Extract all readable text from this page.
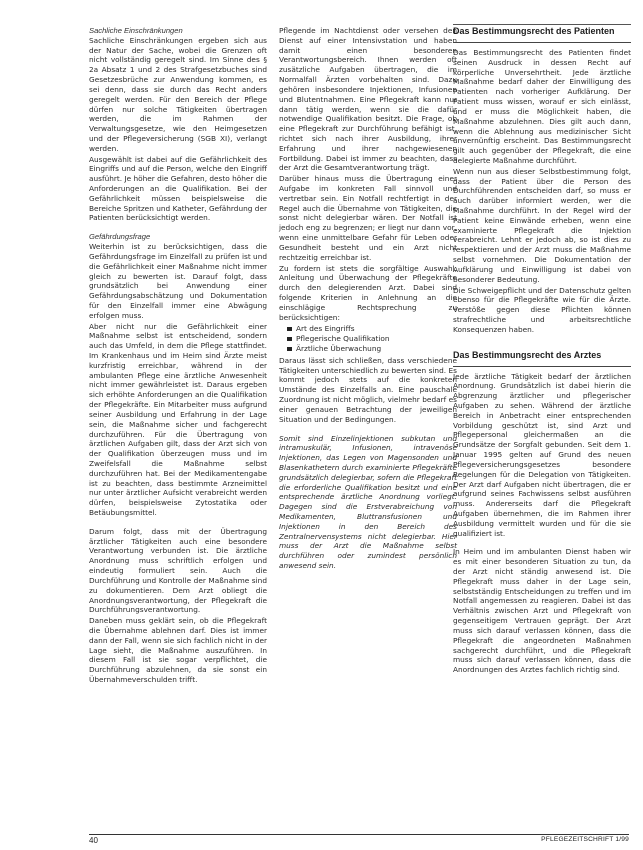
Sachliche Einschränkungen

Sachliche Einschränkungen ergeben sich aus der Natur der Sache, wobei die Grenzen oft nicht vollständig geregelt sind. Im Sinne des § 2a Absatz 1 und 2 des Strafgesetzbuches sind Gesetzesbrüche zur Anwendung kommen, es sei denn, dass sie durch das Recht anders geregelt werden. Für den Bereich der Pflege dürfen nur solche Tätigkeiten übertragen werden, die im Rahmen der Verwaltungsgesetze, wie den Heimgesetzen und der Pflegeversicherung (SGB XI), verlangt werden.

Ausgewählt ist dabei auf die Gefährlichkeit des Eingriffs und auf die Person, welche den Eingriff ausführt. Je höher die Gefahren, desto höher die Anforderungen an die Qualifikation. Bei der Gefährlichkeit müssen beispielsweise die Bereiche Spritzen und Katheter, Gefährdung der Patienten berücksichtigt werden.

Gefährdungsfrage

Weiterhin ist zu berücksichtigen, dass die Gefährdungsfrage im Einzelfall zu prüfen ist und die Gefährlichkeit einer Maßnahme nicht immer gleich zu bewerten ist. Darauf folgt, dass grundsätzlich bei Anwendung einer Gefährdungsabschätzung und Dokumentation für den Einzelfall immer eine Abwägung erfolgen muss.

Aber nicht nur die Gefährlichkeit einer Maßnahme selbst ist entscheidend, sondern auch das Umfeld, in dem die Pflege stattfindet. Im Krankenhaus und im Heim sind Ärzte meist kurzfristig erreichbar, während in der ambulanten Pflege eine ärztliche Anwesenheit nicht immer gewährleistet ist. Daraus ergeben sich erhöhte Anforderungen an die Qualifikation der Pflegekräfte. Ein Mitarbeiter muss aufgrund seiner Ausbildung und Erfahrung in der Lage sein, die Maßnahme sicher und fachgerecht durchzuführen. Für die Übertragung von ärztlichen Aufgaben gilt, dass der Arzt sich von der Qualifikation überzeugen muss und im Zweifelsfall die Maßnahme selbst durchzuführen hat. Bei der Medikamentengabe ist zu beachten, dass bestimmte Arzneimittel nur unter ärztlicher Aufsicht verabreicht werden dürfen, beispielsweise Zytostatika oder Betäubungsmittel.

Darum folgt, dass mit der Übertragung ärztlicher Tätigkeiten auch eine besondere Verantwortung verbunden ist. Die ärztliche Anordnung muss schriftlich erfolgen und eindeutig formuliert sein. Auch die Durchführung und Kontrolle der Maßnahme sind zu dokumentieren. Dem Arzt obliegt die Anordnungsverantwortung, der Pflegekraft die Durchführungsverantwortung.

Daneben muss geklärt sein, ob die Pflegekraft die Übernahme ablehnen darf. Dies ist immer dann der Fall, wenn sie sich fachlich nicht in der Lage sieht, die Maßnahme auszuführen. In diesem Fall ist sie sogar verpflichtet, die Durchführung abzulehnen, da sie sonst ein Übernahmeverschulden trifft.

Pflegende im Nachtdienst oder versehen den Dienst auf einer Intensivstation und haben damit einen besonderen Verantwortungsbereich. Ihnen werden oft zusätzliche Aufgaben übertragen, die im Normalfall Ärzten vorbehalten sind. Dazu gehören insbesondere Injektionen, Infusionen und Blutentnahmen. Eine Pflegekraft kann nur dann tätig werden, wenn sie die dafür notwendige Qualifikation besitzt. Die Frage, ob eine Pflegekraft zur Durchführung befähigt ist, richtet sich nach ihrer Ausbildung, ihrer Erfahrung und ihrer nachgewiesenen Fortbildung. Dabei ist immer zu beachten, dass der Arzt die Gesamtverantwortung trägt.

Darüber hinaus muss die Übertragung einer Aufgabe im konkreten Fall sinnvoll und vertretbar sein. Ein Notfall rechtfertigt in der Regel auch die Übernahme von Tätigkeiten, die sonst nicht delegierbar wären. Der Notfall ist jedoch eng zu begrenzen; er liegt nur dann vor, wenn eine unmittelbare Gefahr für Leben oder Gesundheit besteht und ein Arzt nicht rechtzeitig erreichbar ist.

Zu fordern ist stets die sorgfältige Auswahl, Anleitung und Überwachung der Pflegekräfte durch den delegierenden Arzt. Dabei sind folgende Kriterien in Anlehnung an die einschlägige Rechtsprechung zu berücksichtigen:

Art des Eingriffs
Pflegerische Qualifikation
Ärztliche Überwachung

Daraus lässt sich schließen, dass verschiedene Tätigkeiten unterschiedlich zu bewerten sind. Es kommt jedoch stets auf die konkreten Umstände des Einzelfalls an. Eine pauschale Zuordnung ist nicht möglich, vielmehr bedarf es einer genauen Betrachtung der jeweiligen Situation und der Bedingungen.

Somit sind Einzelinjektionen subkutan und intramuskulär, Infusionen, intravenöse Injektionen, das Legen von Magensonden und Blasenkathetern durch examinierte Pflegekräfte grundsätzlich delegierbar, sofern die Pflegekraft die erforderliche Qualifikation besitzt und eine entsprechende ärztliche Anordnung vorliegt. Dagegen sind die Erstverabreichung von Medikamenten, Bluttransfusionen und Injektionen in den Bereich des Zentralnervensystems nicht delegierbar. Hier muss der Arzt die Maßnahme selbst durchführen oder zumindest persönlich anwesend sein.

Das Bestimmungsrecht des Patienten

Das Bestimmungsrecht des Patienten findet seinen Ausdruck in dessen Recht auf körperliche Unversehrtheit. Jede ärztliche Maßnahme bedarf daher der Einwilligung des Patienten nach vorheriger Aufklärung. Der Patient muss wissen, worauf er sich einlässt, und er muss die Möglichkeit haben, die Maßnahme abzulehnen. Dies gilt auch dann, wenn die Ablehnung aus medizinischer Sicht unvernünftig erscheint. Das Bestimmungsrecht gilt auch gegenüber der Pflegekraft, die eine delegierte Maßnahme durchführt.

Wenn nun aus dieser Selbstbestimmung folgt, dass der Patient über die Person des Durchführenden entscheiden darf, so muss er auch darüber informiert werden, wer die Maßnahme durchführt. In der Regel wird der Patient keine Einwände erheben, wenn eine examinierte Pflegekraft die Injektion verabreicht. Lehnt er jedoch ab, so ist dies zu respektieren und der Arzt muss die Maßnahme selbst vornehmen. Die Dokumentation der Aufklärung und Einwilligung ist dabei von besonderer Bedeutung.

Die Schweigepflicht und der Datenschutz gelten ebenso für die Pflegekräfte wie für die Ärzte. Verstöße gegen diese Pflichten können strafrechtliche und arbeitsrechtliche Konsequenzen haben.

Das Bestimmungsrecht des Arztes

Jede ärztliche Tätigkeit bedarf der ärztlichen Anordnung. Grundsätzlich ist dabei hierin die Abgrenzung ärztlicher und pflegerischer Aufgaben zu sehen. Während der ärztliche Bereich in Anbetracht einer entsprechenden Vorbildung geschützt ist, sind Arzt und Pflegepersonal gleichermaßen an die Grundsätze der Sorgfalt gebunden. Seit dem 1. Januar 1995 gelten auf Grund des neuen Pflegeversicherungsgesetzes besondere Regelungen für die Delegation von Tätigkeiten. Der Arzt darf Aufgaben nicht übertragen, die er aufgrund seines Fachwissens selbst ausführen muss. Andererseits darf die Pflegekraft Aufgaben übernehmen, die im Rahmen ihrer Ausbildung vermittelt wurden und für die sie qualifiziert ist.

In Heim und im ambulanten Dienst haben wir es mit einer besonderen Situation zu tun, da der Arzt nicht ständig anwesend ist. Die Pflegekraft muss daher in der Lage sein, selbstständig Entscheidungen zu treffen und im Notfall angemessen zu reagieren. Dabei ist das Verhältnis zwischen Arzt und Pflegekraft von gegenseitigem Vertrauen geprägt. Der Arzt muss sich darauf verlassen können, dass die Pflegekraft die angeordneten Maßnahmen sachgerecht durchführt, und die Pflegekraft muss sich darauf verlassen können, dass die Anordnungen des Arztes fachlich richtig sind.

40	PFLEGEZEITSCHRIFT 1/99
